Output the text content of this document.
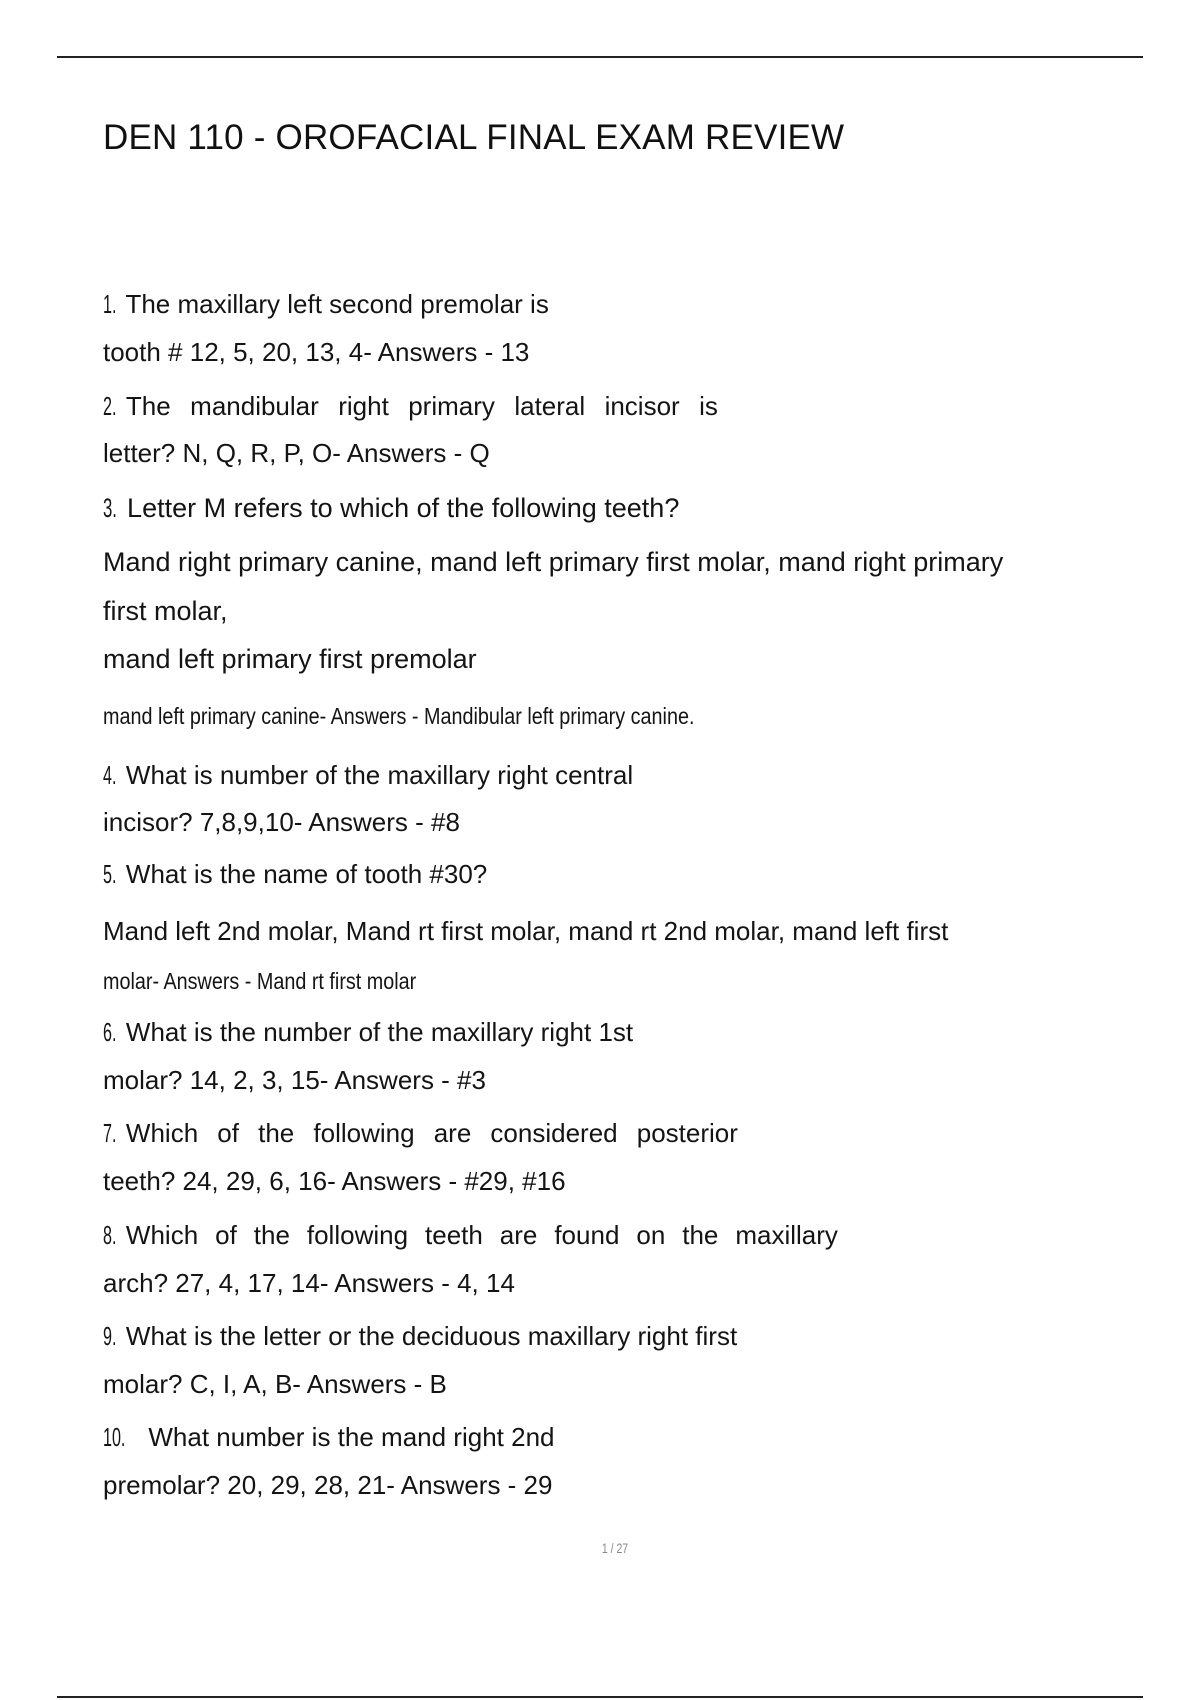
DEN 110 - OROFACIAL FINAL EXAM REVIEW
1. The maxillary left second premolar is
tooth # 12, 5, 20, 13, 4- Answers - 13
2. The mandibular right primary lateral incisor is
letter? N, Q, R, P, O- Answers - Q
3. Letter M refers to which of the following teeth?
Mand right primary canine, mand left primary first molar, mand right primary
first molar,
mand left primary first premolar
mand left primary canine- Answers - Mandibular left primary canine.
4. What is number of the maxillary right central
incisor? 7,8,9,10- Answers - #8
5. What is the name of tooth #30?
Mand left 2nd molar, Mand rt first molar, mand rt 2nd molar, mand left first
molar- Answers - Mand rt first molar
6. What is the number of the maxillary right 1st
molar? 14, 2, 3, 15- Answers - #3
7. Which of the following are considered posterior
teeth? 24, 29, 6, 16- Answers - #29, #16
8. Which of the following teeth are found on the maxillary
arch? 27, 4, 17, 14- Answers - 4, 14
9. What is the letter or the deciduous maxillary right first
molar? C, I, A, B- Answers - B
10. What number is the mand right 2nd
premolar? 20, 29, 28, 21- Answers - 29
1 / 27
